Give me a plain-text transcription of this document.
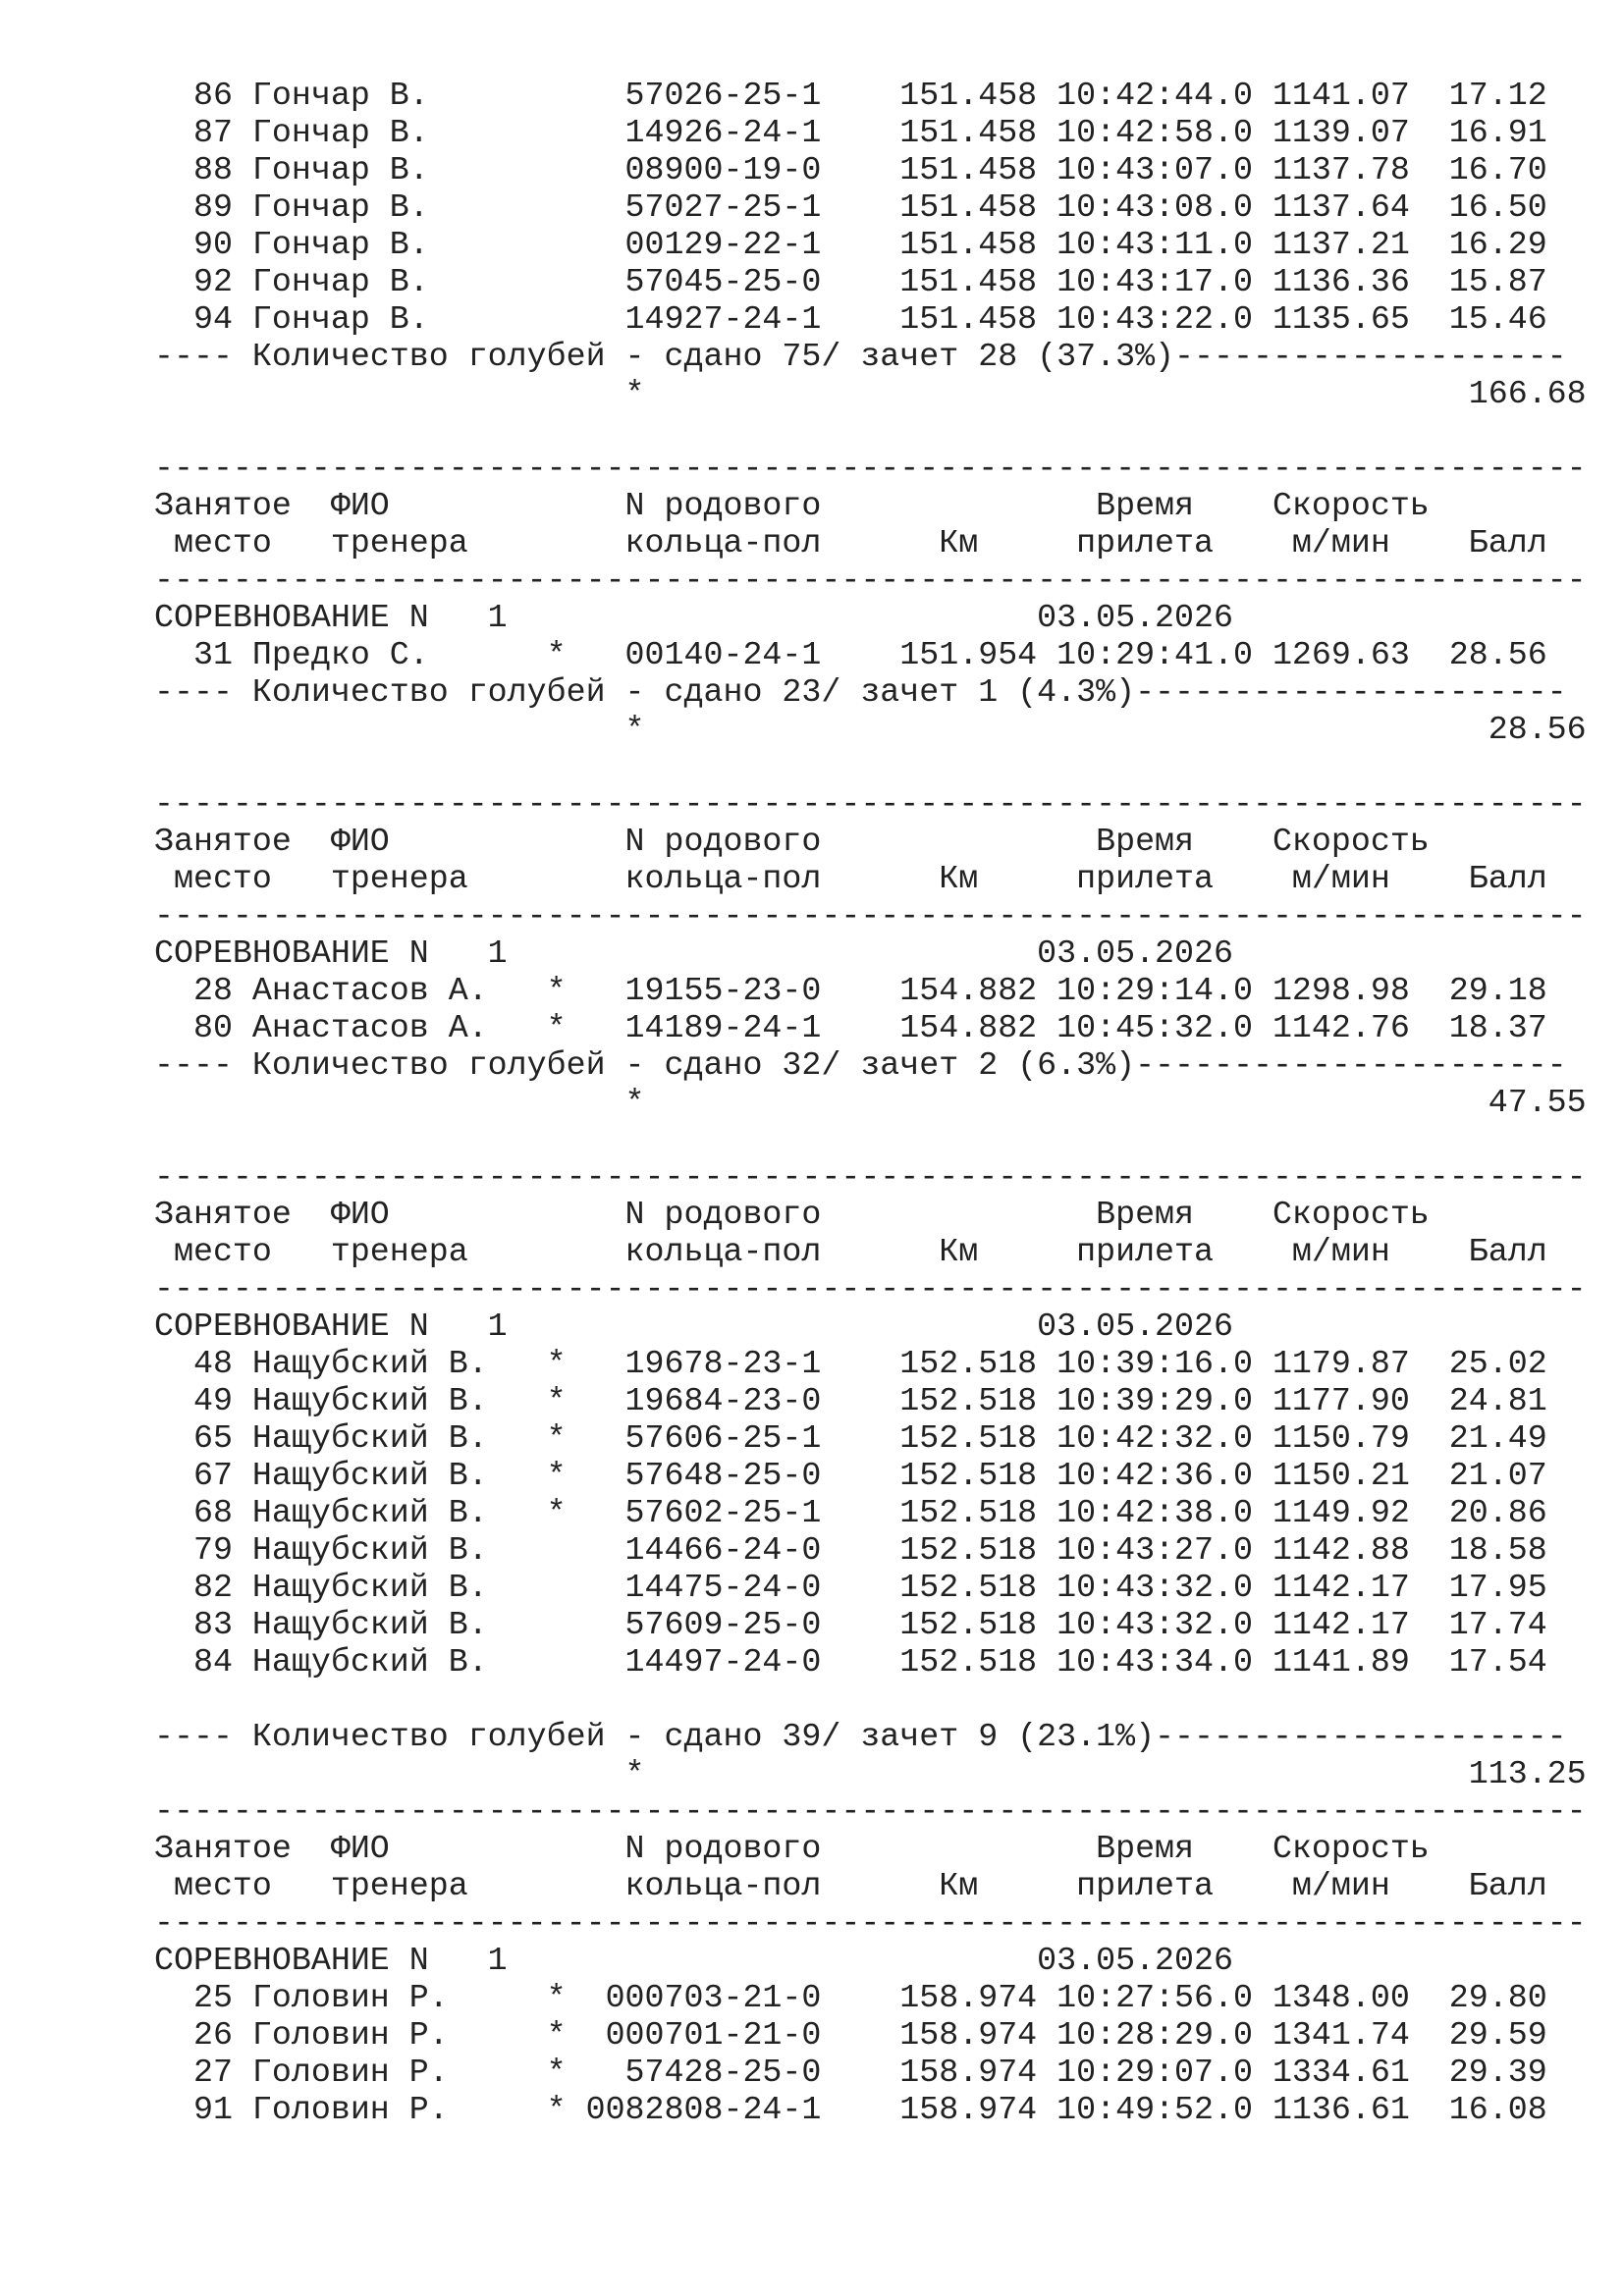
86 Гончар В.          57026-25-1    151.458 10:42:44.0 1141.07  17.12
87 Гончар В.          14926-24-1    151.458 10:42:58.0 1139.07  16.91
88 Гончар В.          08900-19-0    151.458 10:43:07.0 1137.78  16.70
89 Гончар В.          57027-25-1    151.458 10:43:08.0 1137.64  16.50
90 Гончар В.          00129-22-1    151.458 10:43:11.0 1137.21  16.29
92 Гончар В.          57045-25-0    151.458 10:43:17.0 1136.36  15.87
94 Гончар В.          14927-24-1    151.458 10:43:22.0 1135.65  15.46
---- Количество голубей - сдано 75/ зачет 28 (37.3%)--------------------
*                                          166.68
-------------------------------------------------------------------------
Занятое  ФИО            N родового              Время    Скорость
место   тренера        кольца-пол      Км     прилета    м/мин    Балл
-------------------------------------------------------------------------
СОРЕВНОВАНИЕ N   1                           03.05.2026
31 Предко С.      *   00140-24-1    151.954 10:29:41.0 1269.63  28.56
---- Количество голубей - сдано 23/ зачет 1 (4.3%)----------------------
*                                           28.56
-------------------------------------------------------------------------
Занятое  ФИО            N родового              Время    Скорость
место   тренера        кольца-пол      Км     прилета    м/мин    Балл
-------------------------------------------------------------------------
СОРЕВНОВАНИЕ N   1                           03.05.2026
28 Анастасов А.   *   19155-23-0    154.882 10:29:14.0 1298.98  29.18
80 Анастасов А.   *   14189-24-1    154.882 10:45:32.0 1142.76  18.37
---- Количество голубей - сдано 32/ зачет 2 (6.3%)----------------------
*                                           47.55
-------------------------------------------------------------------------
Занятое  ФИО            N родового              Время    Скорость
место   тренера        кольца-пол      Км     прилета    м/мин    Балл
-------------------------------------------------------------------------
СОРЕВНОВАНИЕ N   1                           03.05.2026
48 Нащубский В.   *   19678-23-1    152.518 10:39:16.0 1179.87  25.02
49 Нащубский В.   *   19684-23-0    152.518 10:39:29.0 1177.90  24.81
65 Нащубский В.   *   57606-25-1    152.518 10:42:32.0 1150.79  21.49
67 Нащубский В.   *   57648-25-0    152.518 10:42:36.0 1150.21  21.07
68 Нащубский В.   *   57602-25-1    152.518 10:42:38.0 1149.92  20.86
79 Нащубский В.       14466-24-0    152.518 10:43:27.0 1142.88  18.58
82 Нащубский В.       14475-24-0    152.518 10:43:32.0 1142.17  17.95
83 Нащубский В.       57609-25-0    152.518 10:43:32.0 1142.17  17.74
84 Нащубский В.       14497-24-0    152.518 10:43:34.0 1141.89  17.54
---- Количество голубей - сдано 39/ зачет 9 (23.1%)---------------------
*                                          113.25
-------------------------------------------------------------------------
Занятое  ФИО            N родового              Время    Скорость
место   тренера        кольца-пол      Км     прилета    м/мин    Балл
-------------------------------------------------------------------------
СОРЕВНОВАНИЕ N   1                           03.05.2026
25 Головин Р.     *  000703-21-0    158.974 10:27:56.0 1348.00  29.80
26 Головин Р.     *  000701-21-0    158.974 10:28:29.0 1341.74  29.59
27 Головин Р.     *   57428-25-0    158.974 10:29:07.0 1334.61  29.39
91 Головин Р.     * 0082808-24-1    158.974 10:49:52.0 1136.61  16.08
